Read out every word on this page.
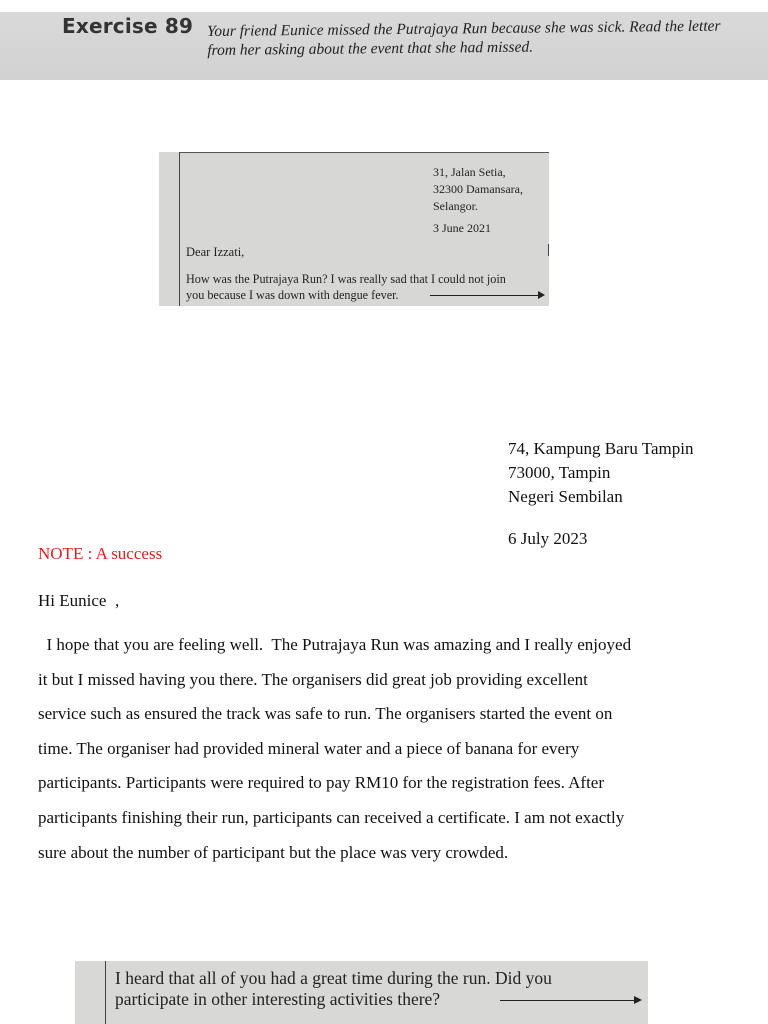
Exercise 89 Your friend Eunice missed the Putrajaya Run because she was sick. Read the letter
from her asking about the event that she had missed.
31, Jalan Setia,
32300 Damansara,
Selangor.
3 June 2021
Dear Izzati,
How was the Putrajaya Run? I was really sad that I could not join
you because I was down with dengue fever.
74, Kampung Baru Tampin
73000, Tampin
Negeri Sembilan
6 July 2023
NOTE : A success
Hi Eunice  ,
I hope that you are feeling well.  The Putrajaya Run was amazing and I really enjoyed
it but I missed having you there. The organisers did great job providing excellent
service such as ensured the track was safe to run. The organisers started the event on
time. The organiser had provided mineral water and a piece of banana for every
participants. Participants were required to pay RM10 for the registration fees. After
participants finishing their run, participants can received a certificate. I am not exactly
sure about the number of participant but the place was very crowded.
I heard that all of you had a great time during the run. Did you
participate in other interesting activities there?
